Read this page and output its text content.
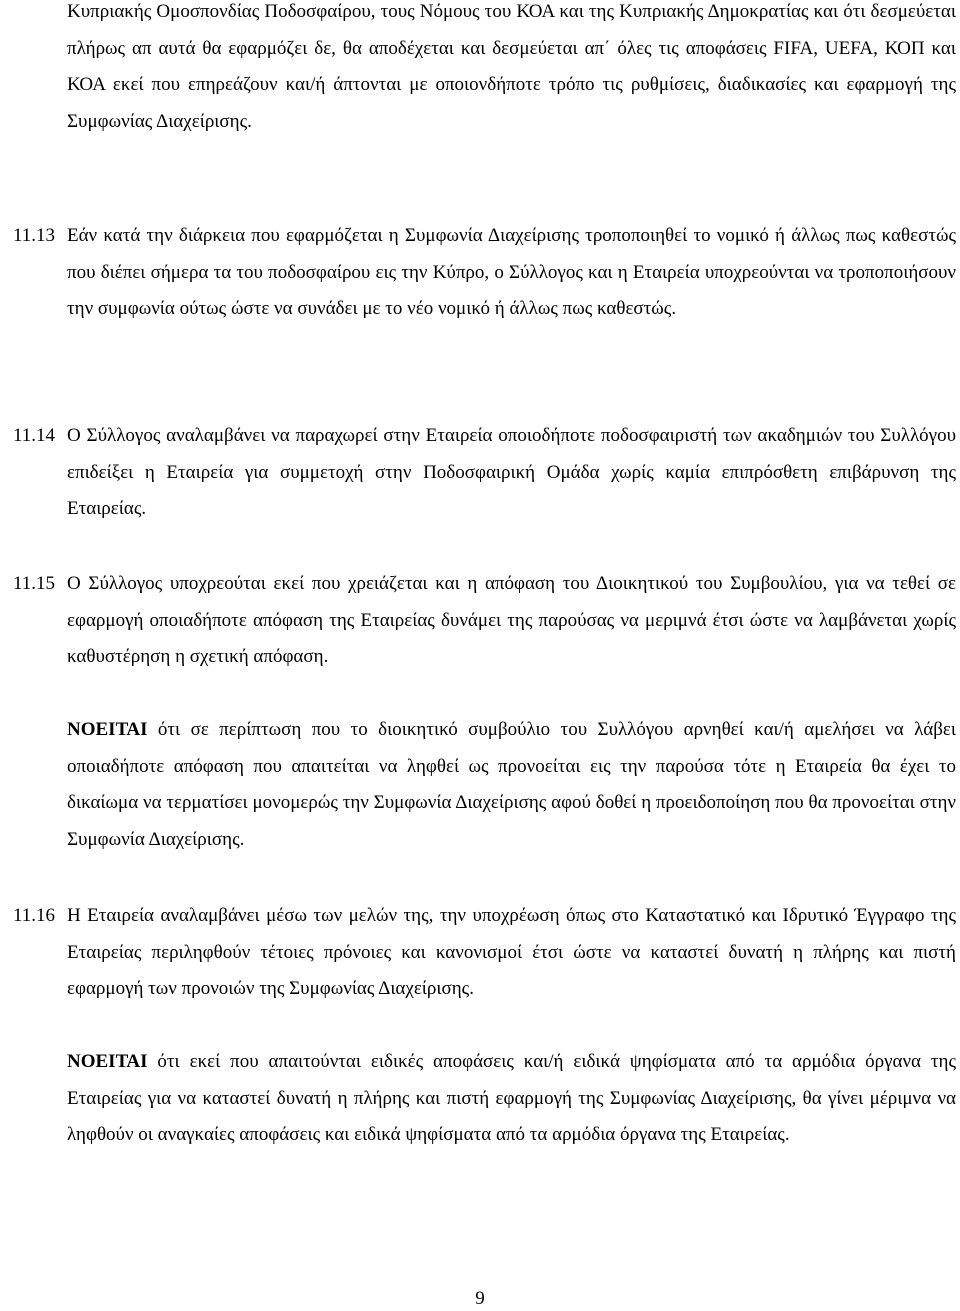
Κυπριακής Ομοσπονδίας Ποδοσφαίρου, τους Νόμους του ΚΟΑ και της Κυπριακής Δημοκρατίας και ότι δεσμεύεται πλήρως απ αυτά θα εφαρμόζει δε, θα αποδέχεται και δεσμεύεται απ΄ όλες τις αποφάσεις FIFA, UEFA, ΚΟΠ και ΚΟΑ εκεί που επηρεάζουν και/ή άπτονται με οποιονδήποτε τρόπο τις ρυθμίσεις, διαδικασίες και εφαρμογή της Συμφωνίας Διαχείρισης.

11.13 Εάν κατά την διάρκεια που εφαρμόζεται η Συμφωνία Διαχείρισης τροποποιηθεί το νομικό ή άλλως πως καθεστώς που διέπει σήμερα τα του ποδοσφαίρου εις την Κύπρο, ο Σύλλογος και η Εταιρεία υποχρεούνται να τροποποιήσουν την συμφωνία ούτως ώστε να συνάδει με το νέο νομικό ή άλλως πως καθεστώς.

11.14 Ο Σύλλογος αναλαμβάνει να παραχωρεί στην Εταιρεία οποιοδήποτε ποδοσφαιριστή των ακαδημιών του Συλλόγου επιδείξει η Εταιρεία για συμμετοχή στην Ποδοσφαιρική Ομάδα χωρίς καμία επιπρόσθετη επιβάρυνση της Εταιρείας.

11.15 Ο Σύλλογος υποχρεούται εκεί που χρειάζεται και η απόφαση του Διοικητικού του Συμβουλίου, για να τεθεί σε εφαρμογή οποιαδήποτε απόφαση της Εταιρείας δυνάμει της παρούσας να μεριμνά έτσι ώστε να λαμβάνεται χωρίς καθυστέρηση η σχετική απόφαση.

ΝΟΕΙΤΑΙ ότι σε περίπτωση που το διοικητικό συμβούλιο του Συλλόγου αρνηθεί και/ή αμελήσει να λάβει οποιαδήποτε απόφαση που απαιτείται να ληφθεί ως προνοείται εις την παρούσα τότε η Εταιρεία θα έχει το δικαίωμα να τερματίσει μονομερώς την Συμφωνία Διαχείρισης αφού δοθεί η προειδοποίηση που θα προνοείται στην Συμφωνία Διαχείρισης.

11.16 Η Εταιρεία αναλαμβάνει μέσω των μελών της, την υποχρέωση όπως στο Καταστατικό και Ιδρυτικό Έγγραφο της Εταιρείας περιληφθούν τέτοιες πρόνοιες και κανονισμοί έτσι ώστε να καταστεί δυνατή η πλήρης και πιστή εφαρμογή των προνοιών της Συμφωνίας Διαχείρισης.

ΝΟΕΙΤΑΙ ότι εκεί που απαιτούνται ειδικές αποφάσεις και/ή ειδικά ψηφίσματα από τα αρμόδια όργανα της Εταιρείας για να καταστεί δυνατή η πλήρης και πιστή εφαρμογή της Συμφωνίας Διαχείρισης, θα γίνει μέριμνα να ληφθούν οι αναγκαίες αποφάσεις και ειδικά ψηφίσματα από τα αρμόδια όργανα της Εταιρείας.

9
